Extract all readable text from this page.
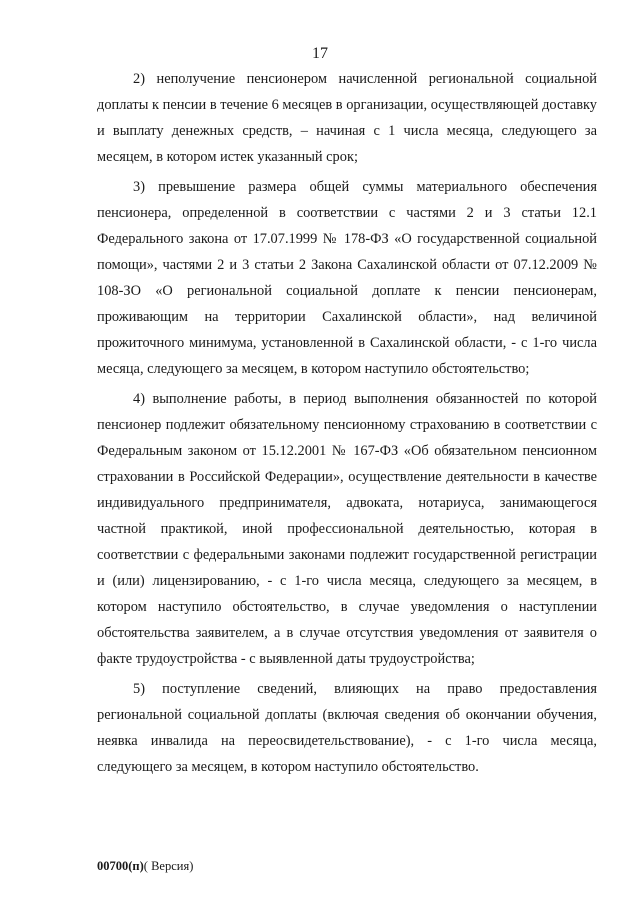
17

2) неполучение пенсионером начисленной региональной социальной доплаты к пенсии в течение 6 месяцев в организации, осуществляющей доставку и выплату денежных средств, – начиная с 1 числа месяца, следующего за месяцем, в котором истек указанный срок;

3) превышение размера общей суммы материального обеспечения пенсионера, определенной в соответствии с частями 2 и 3 статьи 12.1 Федерального закона от 17.07.1999 № 178-ФЗ «О государственной социальной помощи», частями 2 и 3 статьи 2 Закона Сахалинской области от 07.12.2009 № 108-ЗО «О региональной социальной доплате к пенсии пенсионерам, проживающим на территории Сахалинской области», над величиной прожиточного минимума, установленной в Сахалинской области, - с 1-го числа месяца, следующего за месяцем, в котором наступило обстоятельство;

4) выполнение работы, в период выполнения обязанностей по которой пенсионер подлежит обязательному пенсионному страхованию в соответствии с Федеральным законом от 15.12.2001 № 167-ФЗ «Об обязательном пенсионном страховании в Российской Федерации», осуществление деятельности в качестве индивидуального предпринимателя, адвоката, нотариуса, занимающегося частной практикой, иной профессиональной деятельностью, которая в соответствии с федеральными законами подлежит государственной регистрации и (или) лицензированию, - с 1-го числа месяца, следующего за месяцем, в котором наступило обстоятельство, в случае уведомления о наступлении обстоятельства заявителем, а в случае отсутствия уведомления от заявителя о факте трудоустройства - с выявленной даты трудоустройства;

5) поступление сведений, влияющих на право предоставления региональной социальной доплаты (включая сведения об окончании обучения, неявка инвалида на переосвидетельствование), - с 1-го числа месяца, следующего за месяцем, в котором наступило обстоятельство.

00700(п)( Версия)
